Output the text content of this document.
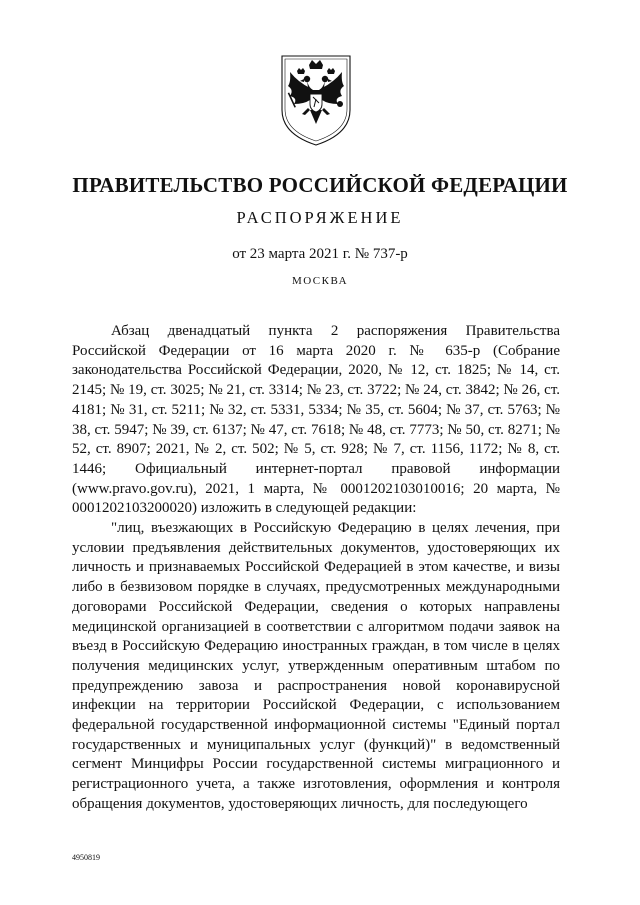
ПРАВИТЕЛЬСТВО РОССИЙСКОЙ ФЕДЕРАЦИИ
РАСПОРЯЖЕНИЕ
от 23 марта 2021 г. № 737-р
МОСКВА

Абзац двенадцатый пункта 2 распоряжения Правительства Российской Федерации от 16 марта 2020 г. № 635-р (Собрание законодательства Российской Федерации, 2020, № 12, ст. 1825; № 14, ст. 2145; № 19, ст. 3025; № 21, ст. 3314; № 23, ст. 3722; № 24, ст. 3842; № 26, ст. 4181; № 31, ст. 5211; № 32, ст. 5331, 5334; № 35, ст. 5604; № 37, ст. 5763; № 38, ст. 5947; № 39, ст. 6137; № 47, ст. 7618; № 48, ст. 7773; № 50, ст. 8271; № 52, ст. 8907; 2021, № 2, ст. 502; № 5, ст. 928; № 7, ст. 1156, 1172; № 8, ст. 1446; Официальный интернет-портал правовой информации (www.pravo.gov.ru), 2021, 1 марта, № 0001202103010016; 20 марта, № 0001202103200020) изложить в следующей редакции:

"лиц, въезжающих в Российскую Федерацию в целях лечения, при условии предъявления действительных документов, удостоверяющих их личность и признаваемых Российской Федерацией в этом качестве, и визы либо в безвизовом порядке в случаях, предусмотренных международными договорами Российской Федерации, сведения о которых направлены медицинской организацией в соответствии с алгоритмом подачи заявок на въезд в Российскую Федерацию иностранных граждан, в том числе в целях получения медицинских услуг, утвержденным оперативным штабом по предупреждению завоза и распространения новой коронавирусной инфекции на территории Российской Федерации, с использованием федеральной государственной информационной системы "Единый портал государственных и муниципальных услуг (функций)" в ведомственный сегмент Минцифры России государственной системы миграционного и регистрационного учета, а также изготовления, оформления и контроля обращения документов, удостоверяющих личность, для последующего

4950819
